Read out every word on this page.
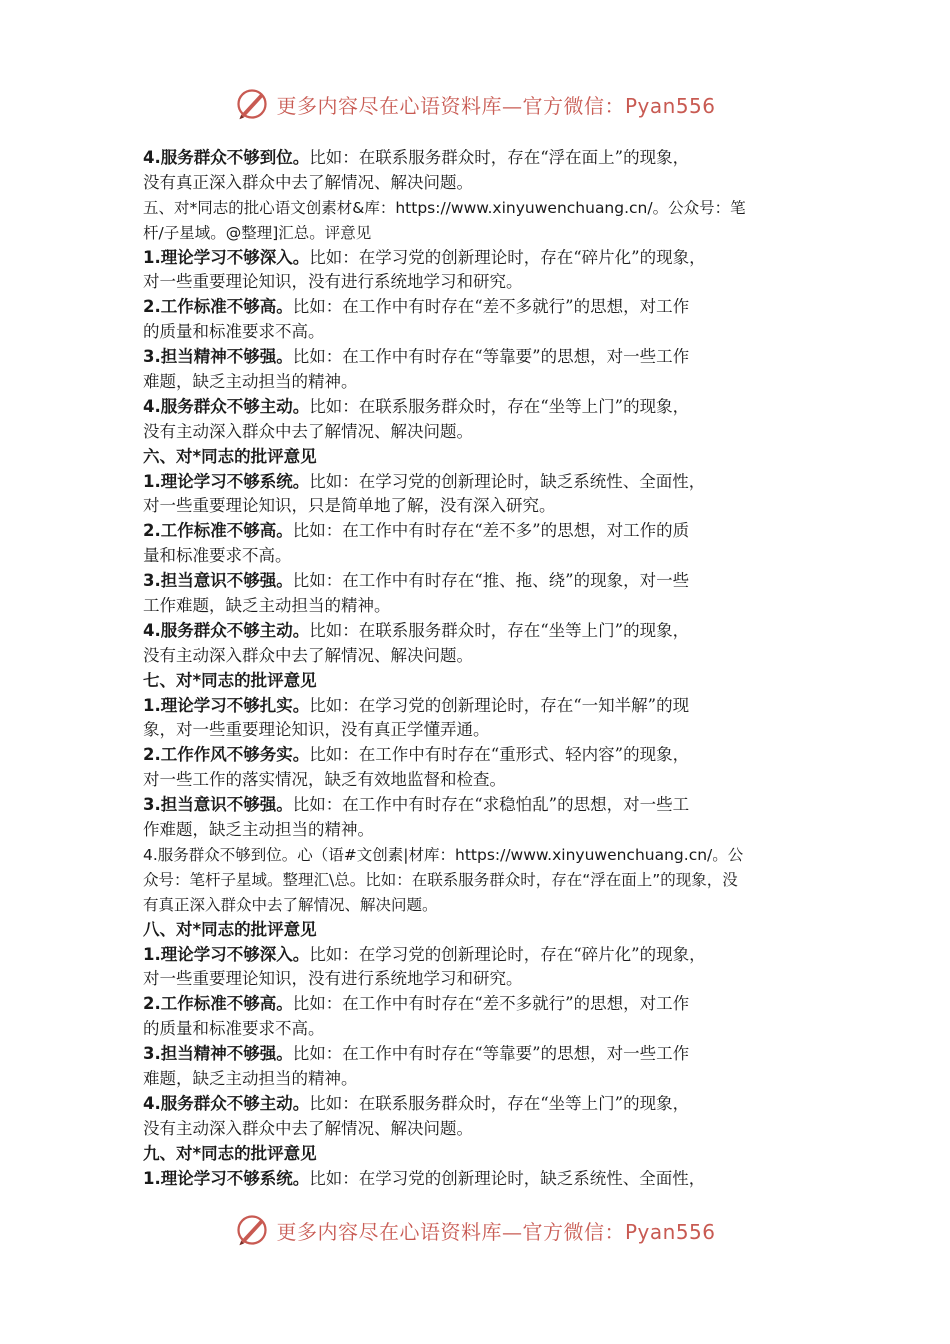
更多内容尽在心语资料库—官方微信：Pyan556
4.服务群众不够到位。比如：在联系服务群众时，存在“浮在面上”的现象，
没有真正深入群众中去了解情况、解决问题。
五、对*同志的批心语文创素材&库：https://www.xinyuwenchuang.cn/。公众号：笔
杆/子星域。@整理]汇总。评意见
1.理论学习不够深入。比如：在学习党的创新理论时，存在“碎片化”的现象，
对一些重要理论知识，没有进行系统地学习和研究。
2.工作标准不够高。比如：在工作中有时存在“差不多就行”的思想，对工作
的质量和标准要求不高。
3.担当精神不够强。比如：在工作中有时存在“等靠要”的思想，对一些工作
难题，缺乏主动担当的精神。
4.服务群众不够主动。比如：在联系服务群众时，存在“坐等上门”的现象，
没有主动深入群众中去了解情况、解决问题。
六、对*同志的批评意见
1.理论学习不够系统。比如：在学习党的创新理论时，缺乏系统性、全面性，
对一些重要理论知识，只是简单地了解，没有深入研究。
2.工作标准不够高。比如：在工作中有时存在“差不多”的思想，对工作的质
量和标准要求不高。
3.担当意识不够强。比如：在工作中有时存在“推、拖、绕”的现象，对一些
工作难题，缺乏主动担当的精神。
4.服务群众不够主动。比如：在联系服务群众时，存在“坐等上门”的现象，
没有主动深入群众中去了解情况、解决问题。
七、对*同志的批评意见
1.理论学习不够扎实。比如：在学习党的创新理论时，存在“一知半解”的现
象，对一些重要理论知识，没有真正学懂弄通。
2.工作作风不够务实。比如：在工作中有时存在“重形式、轻内容”的现象，
对一些工作的落实情况，缺乏有效地监督和检查。
3.担当意识不够强。比如：在工作中有时存在“求稳怕乱”的思想，对一些工
作难题，缺乏主动担当的精神。
4.服务群众不够到位。心（语#文创素|材库：https://www.xinyuwenchuang.cn/。公
众号：笔杆子星域。整理汇\总。比如：在联系服务群众时，存在“浮在面上”的现象，没
有真正深入群众中去了解情况、解决问题。
八、对*同志的批评意见
1.理论学习不够深入。比如：在学习党的创新理论时，存在“碎片化”的现象，
对一些重要理论知识，没有进行系统地学习和研究。
2.工作标准不够高。比如：在工作中有时存在“差不多就行”的思想，对工作
的质量和标准要求不高。
3.担当精神不够强。比如：在工作中有时存在“等靠要”的思想，对一些工作
难题，缺乏主动担当的精神。
4.服务群众不够主动。比如：在联系服务群众时，存在“坐等上门”的现象，
没有主动深入群众中去了解情况、解决问题。
九、对*同志的批评意见
1.理论学习不够系统。比如：在学习党的创新理论时，缺乏系统性、全面性，
更多内容尽在心语资料库—官方微信：Pyan556
